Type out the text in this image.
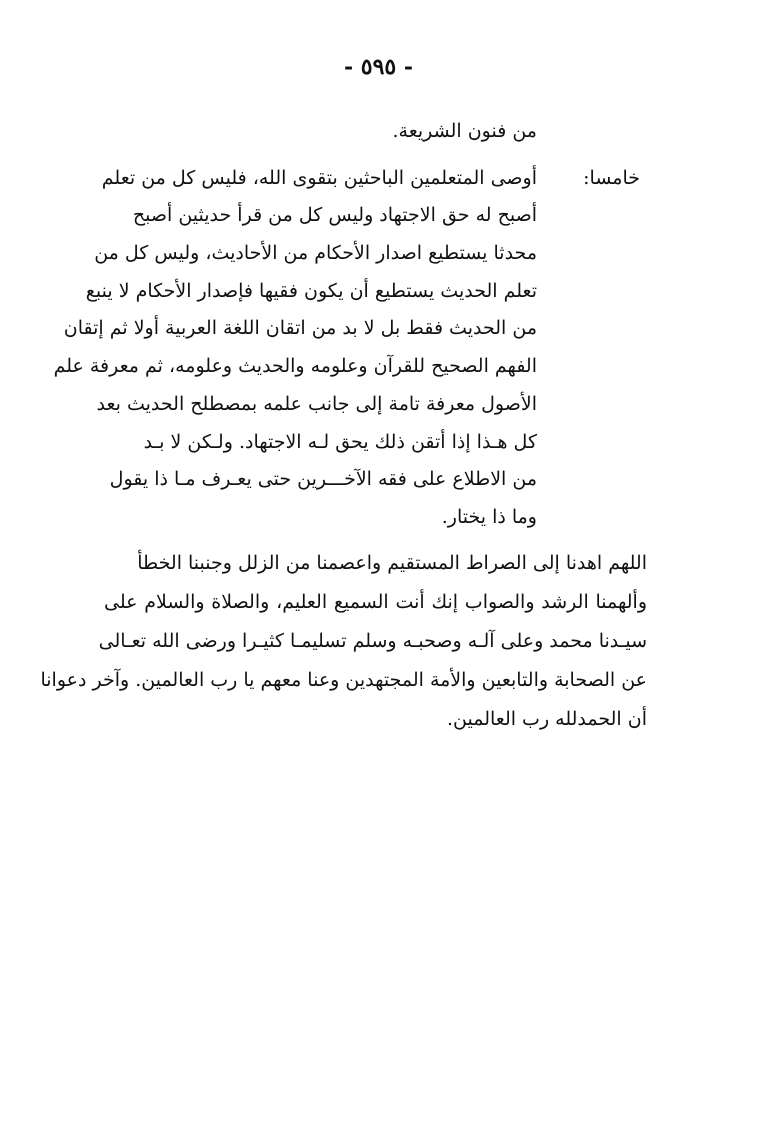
- ٥٩٥ -
من فنون الشريعة.
خامسا:
أوصى المتعلمين الباحثين بتقوى الله، فليس كل من تعلم
أصبح له حق الاجتهاد وليس كل من قرأ حديثين أصبح
محدثا يستطيع اصدار الأحكام من الأحاديث، وليس كل من
تعلم الحديث يستطيع أن يكون فقيها فإصدار الأحكام لا ينبع
من الحديث فقط بل لا بد من اتقان اللغة العربية أولا ثم إتقان
الفهم الصحيح للقرآن وعلومه والحديث وعلومه، ثم معرفة علم
الأصول معرفة تامة إلى جانب علمه بمصطلح الحديث بعد
كل هـذا إذا أتقن ذلك يحق لـه الاجتهاد. ولـكن لا بـد
من الاطلاع على فقه الآخـــرين حتى يعـرف مـا ذا يقول
وما ذا يختار.
اللهم اهدنا إلى الصراط المستقيم واعصمنا من الزلل وجنبنا الخطأ
وألهمنا الرشد والصواب إنك أنت السميع العليم، والصلاة والسلام على
سيـدنا محمد وعلى آلـه وصحبـه وسلم تسليمـا كثيـرا ورضى الله تعـالى
عن الصحابة والتابعين والأمة المجتهدين وعنا معهم يا رب العالمين. وآخر دعوانا
أن الحمدلله رب العالمين.
